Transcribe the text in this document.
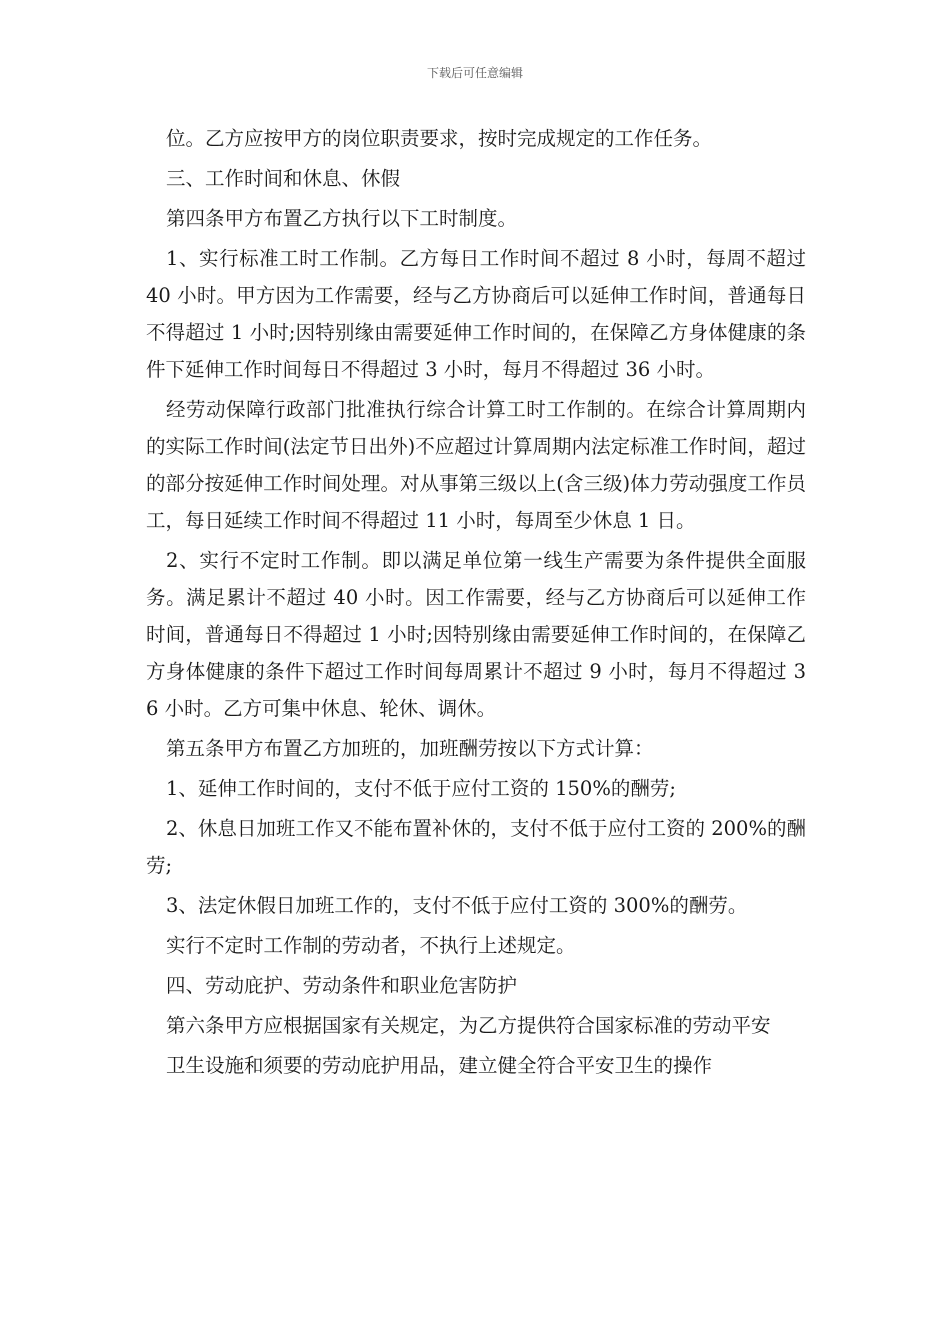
下载后可任意编辑

位。乙方应按甲方的岗位职责要求，按时完成规定的工作任务。

三、工作时间和休息、休假

第四条甲方布置乙方执行以下工时制度。

1、实行标准工时工作制。乙方每日工作时间不超过 8 小时，每周不超过 40 小时。甲方因为工作需要，经与乙方协商后可以延伸工作时间，普通每日不得超过 1 小时;因特别缘由需要延伸工作时间的，在保障乙方身体健康的条件下延伸工作时间每日不得超过 3 小时，每月不得超过 36 小时。

经劳动保障行政部门批准执行综合计算工时工作制的。在综合计算周期内的实际工作时间(法定节日出外)不应超过计算周期内法定标准工作时间，超过的部分按延伸工作时间处理。对从事第三级以上(含三级)体力劳动强度工作员工，每日延续工作时间不得超过 11 小时，每周至少休息 1 日。

2、实行不定时工作制。即以满足单位第一线生产需要为条件提供全面服务。满足累计不超过 40 小时。因工作需要，经与乙方协商后可以延伸工作时间，普通每日不得超过 1 小时;因特别缘由需要延伸工作时间的，在保障乙方身体健康的条件下超过工作时间每周累计不超过 9 小时，每月不得超过 36 小时。乙方可集中休息、轮休、调休。

第五条甲方布置乙方加班的，加班酬劳按以下方式计算：

1、延伸工作时间的，支付不低于应付工资的 150%的酬劳;

2、休息日加班工作又不能布置补休的，支付不低于应付工资的 200%的酬劳;

3、法定休假日加班工作的，支付不低于应付工资的 300%的酬劳。

实行不定时工作制的劳动者，不执行上述规定。

四、劳动庇护、劳动条件和职业危害防护

第六条甲方应根据国家有关规定，为乙方提供符合国家标准的劳动平安

卫生设施和须要的劳动庇护用品，建立健全符合平安卫生的操作
